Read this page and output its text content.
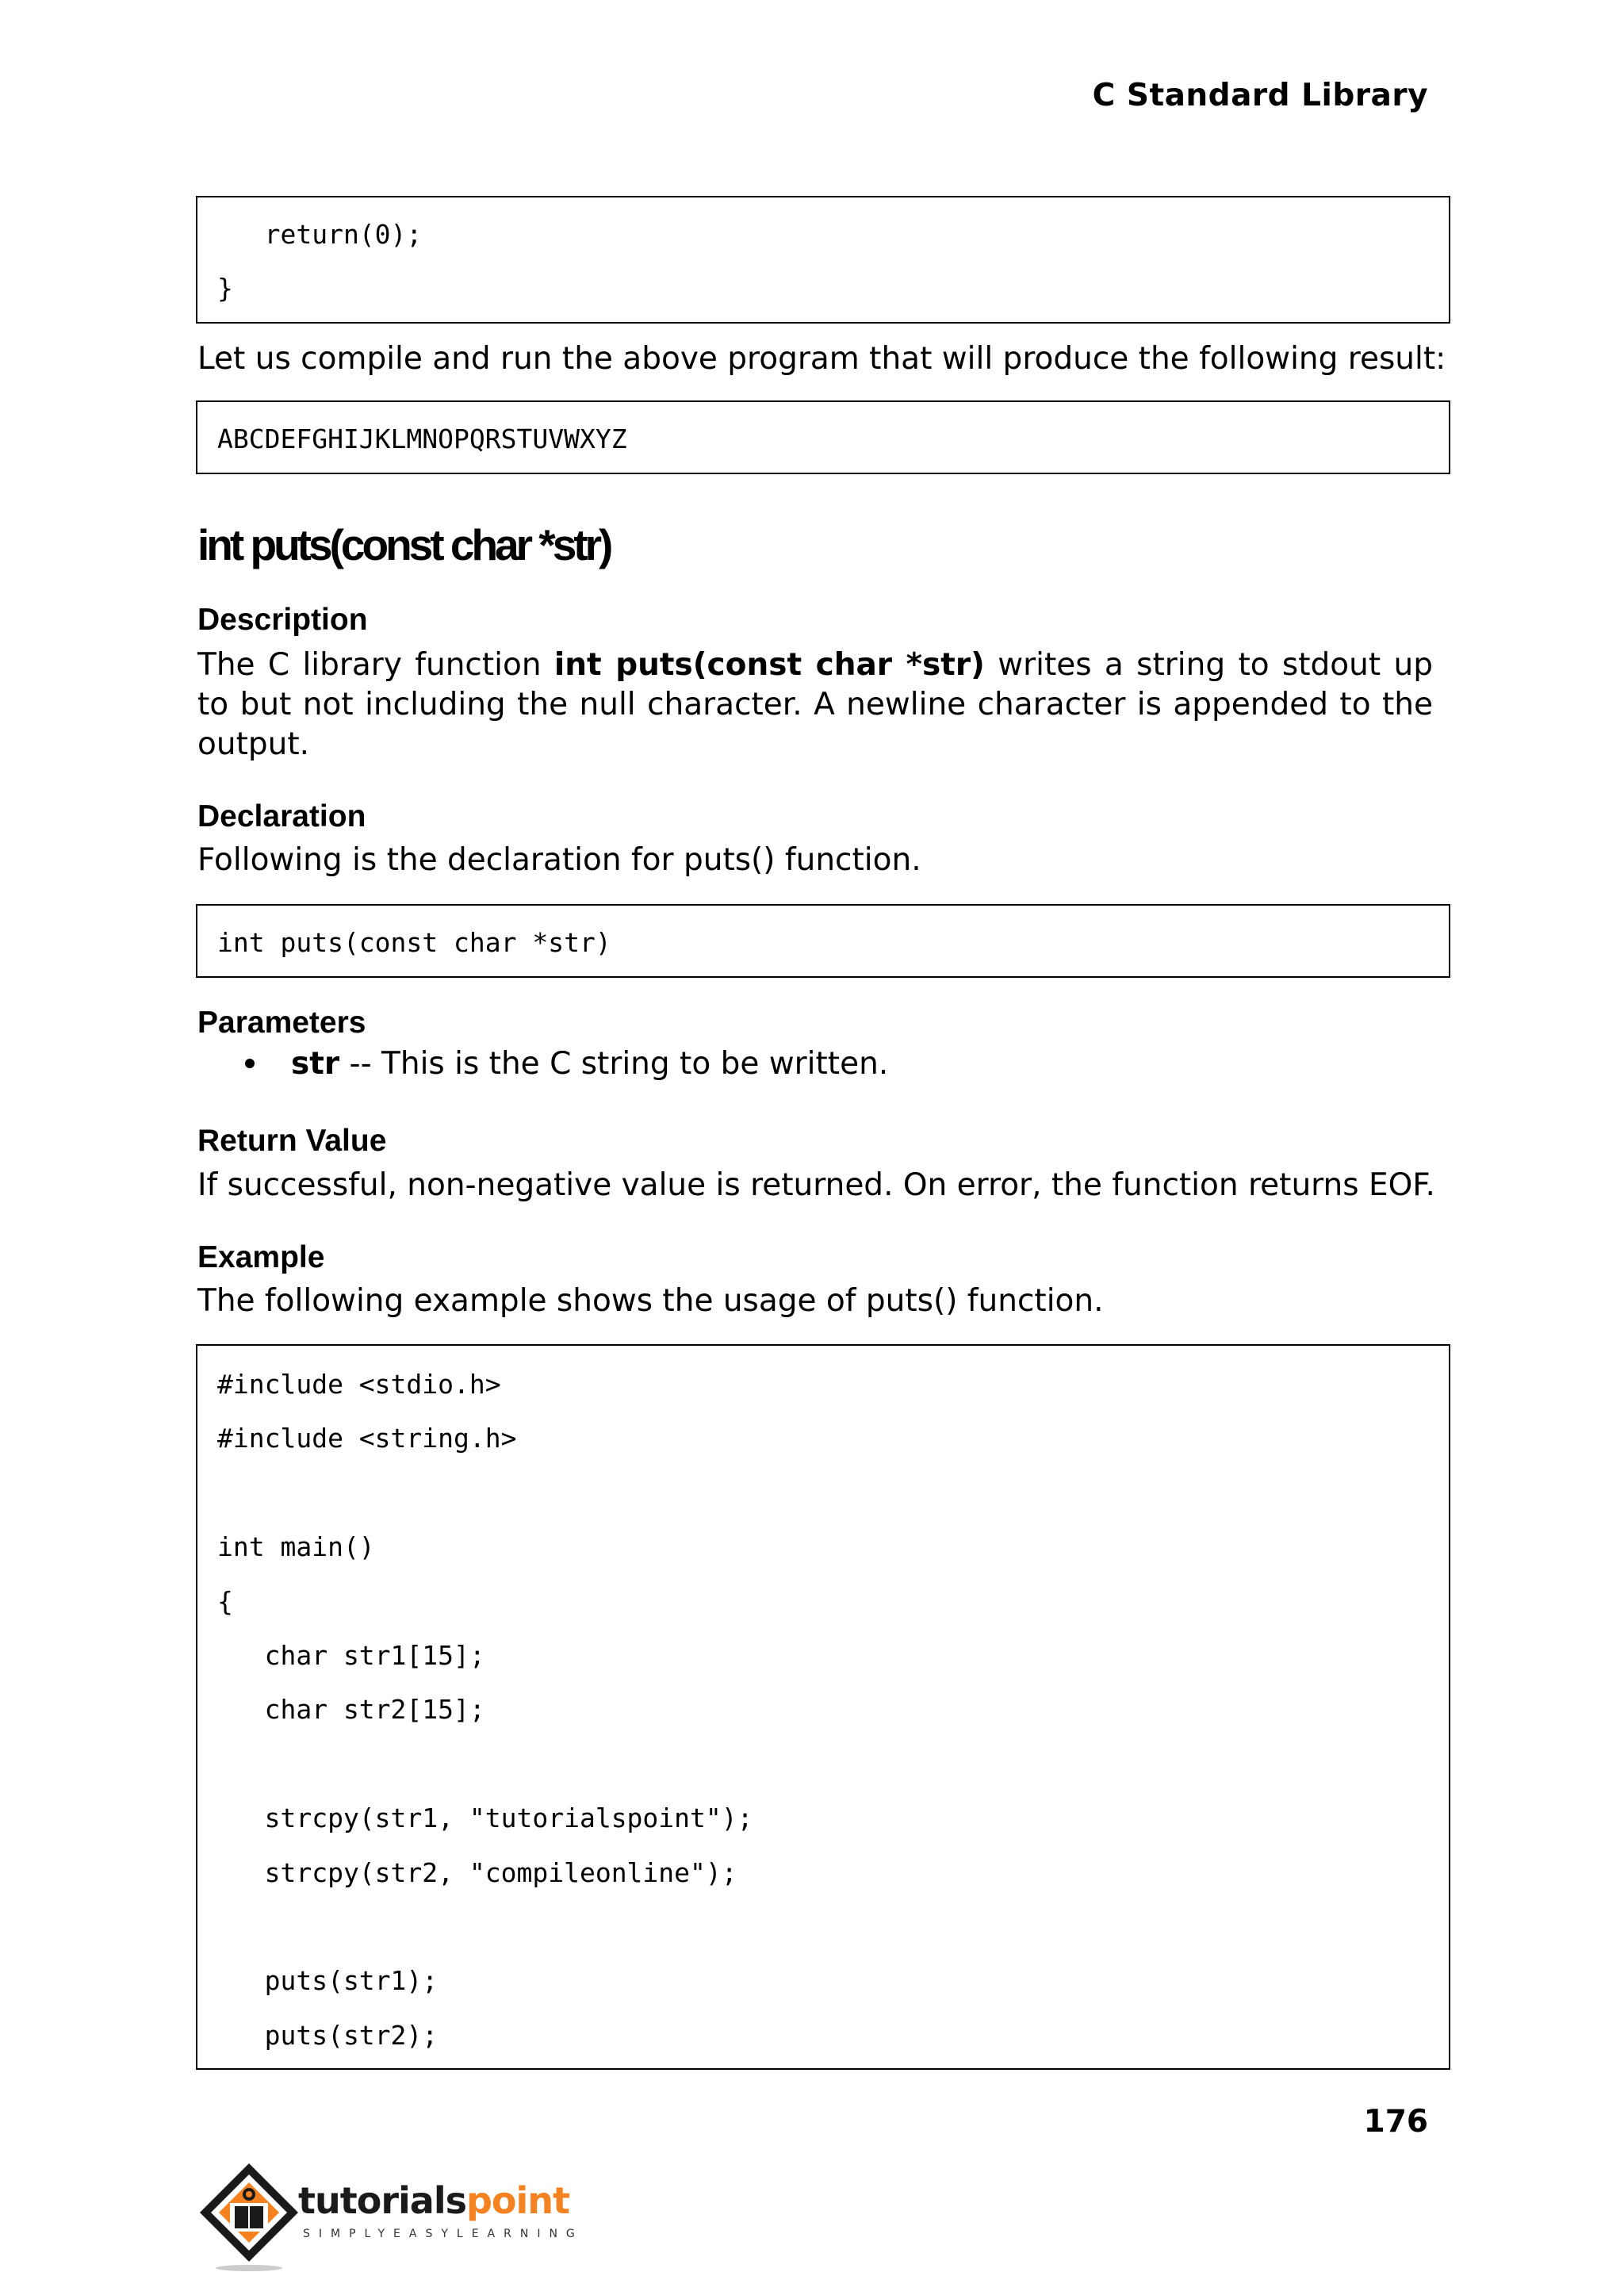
C Standard Library
return(0);
}
Let us compile and run the above program that will produce the following result:
ABCDEFGHIJKLMNOPQRSTUVWXYZ
int puts(const char *str)
Description
The C library function int puts(const char *str) writes a string to stdout up to but not including the null character. A newline character is appended to the output.
Declaration
Following is the declaration for puts() function.
int puts(const char *str)
Parameters
str -- This is the C string to be written.
Return Value
If successful, non-negative value is returned. On error, the function returns EOF.
Example
The following example shows the usage of puts() function.
#include <stdio.h>
#include <string.h>
int main()
{
char str1[15];
char str2[15];
strcpy(str1, "tutorialspoint");
strcpy(str2, "compileonline");
puts(str1);
puts(str2);
176
tutorialspoint
SIMPLYEASYLEARNING
